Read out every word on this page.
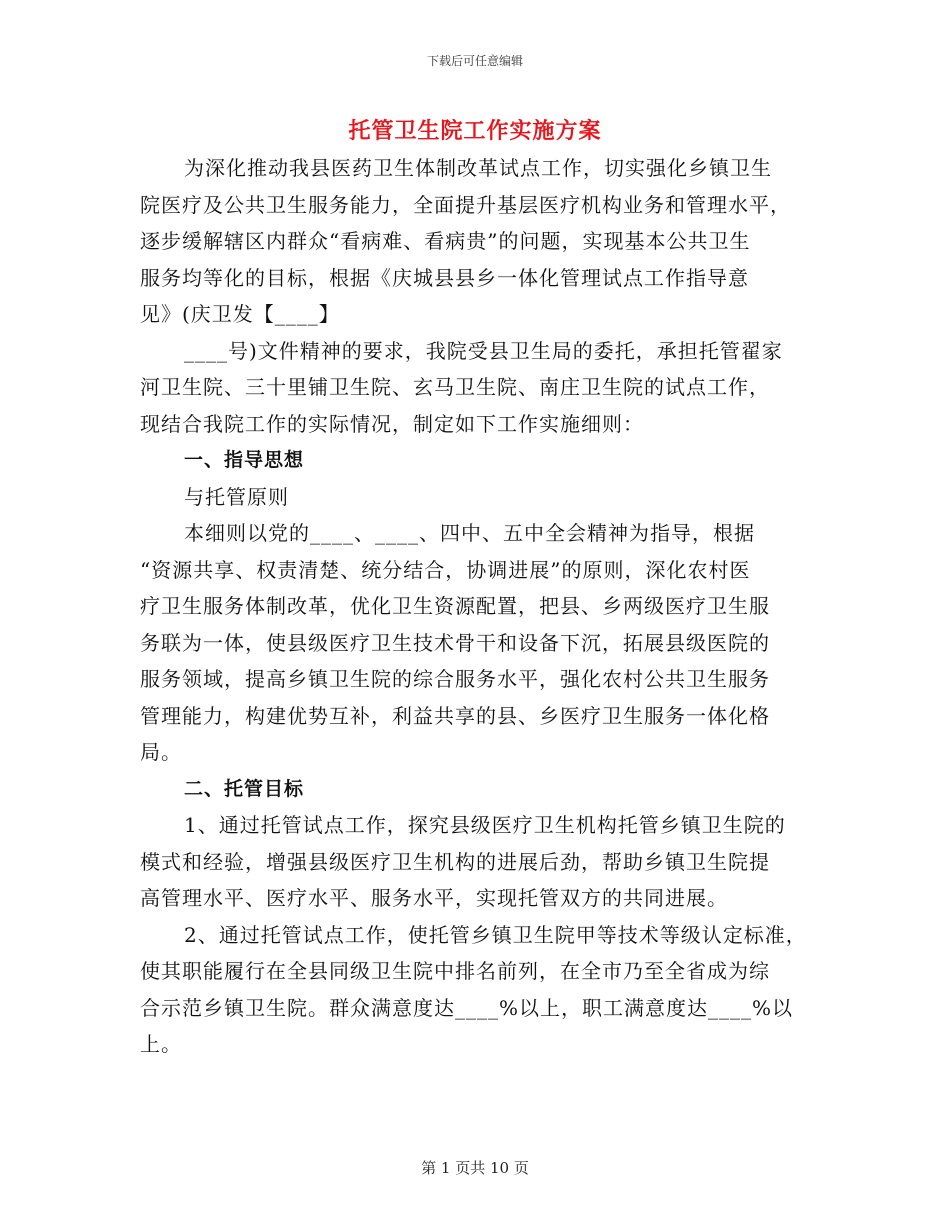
下载后可任意编辑
托管卫生院工作实施方案
为深化推动我县医药卫生体制改革试点工作，切实强化乡镇卫生
院医疗及公共卫生服务能力，全面提升基层医疗机构业务和管理水平，
逐步缓解辖区内群众“看病难、看病贵”的问题，实现基本公共卫生
服务均等化的目标，根据《庆城县县乡一体化管理试点工作指导意
见》(庆卫发【____】
____号)文件精神的要求，我院受县卫生局的委托，承担托管翟家
河卫生院、三十里铺卫生院、玄马卫生院、南庄卫生院的试点工作，
现结合我院工作的实际情况，制定如下工作实施细则：
一、指导思想
与托管原则
本细则以党的____、____、四中、五中全会精神为指导，根据
“资源共享、权责清楚、统分结合，协调进展”的原则，深化农村医
疗卫生服务体制改革，优化卫生资源配置，把县、乡两级医疗卫生服
务联为一体，使县级医疗卫生技术骨干和设备下沉，拓展县级医院的
服务领域，提高乡镇卫生院的综合服务水平，强化农村公共卫生服务
管理能力，构建优势互补，利益共享的县、乡医疗卫生服务一体化格
局。
二、托管目标
1、通过托管试点工作，探究县级医疗卫生机构托管乡镇卫生院的
模式和经验，增强县级医疗卫生机构的进展后劲，帮助乡镇卫生院提
高管理水平、医疗水平、服务水平，实现托管双方的共同进展。
2、通过托管试点工作，使托管乡镇卫生院甲等技术等级认定标准，
使其职能履行在全县同级卫生院中排名前列，在全市乃至全省成为综
合示范乡镇卫生院。群众满意度达____%以上，职工满意度达____%以
上。
第 1 页共 10 页
